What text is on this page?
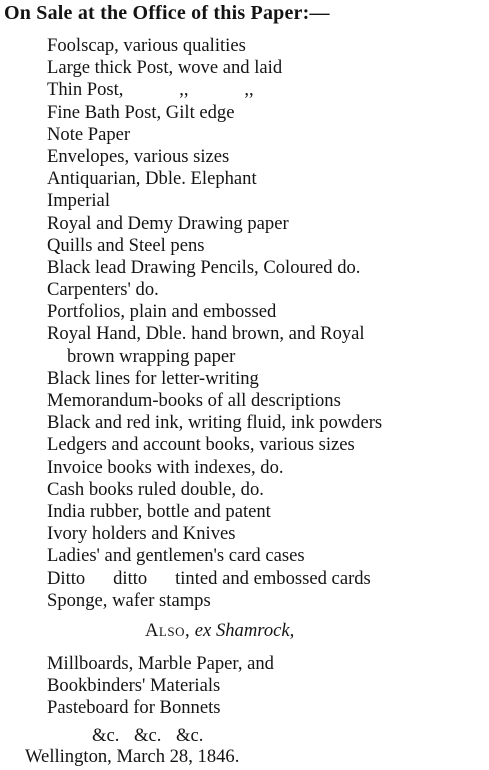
On Sale at the Office of this Paper:—
Foolscap, various qualities
Large thick Post, wove and laid
Thin Post,            ,,            ,,
Fine Bath Post, Gilt edge
Note Paper
Envelopes, various sizes
Antiquarian, Dble. Elephant
Imperial
Royal and Demy Drawing paper
Quills and Steel pens
Black lead Drawing Pencils, Coloured do.
Carpenters' do.
Portfolios, plain and embossed
Royal Hand, Dble. hand brown, and Royal
brown wrapping paper
Black lines for letter-writing
Memorandum-books of all descriptions
Black and red ink, writing fluid, ink powders
Ledgers and account books, various sizes
Invoice books with indexes, do.
Cash books ruled double, do.
India rubber, bottle and patent
Ivory holders and Knives
Ladies' and gentlemen's card cases
Ditto      ditto      tinted and embossed cards
Sponge, wafer stamps
Also, ex Shamrock,
Millboards, Marble Paper, and
Bookbinders' Materials
Pasteboard for Bonnets
&c. &c. &c.
Wellington, March 28, 1846.
